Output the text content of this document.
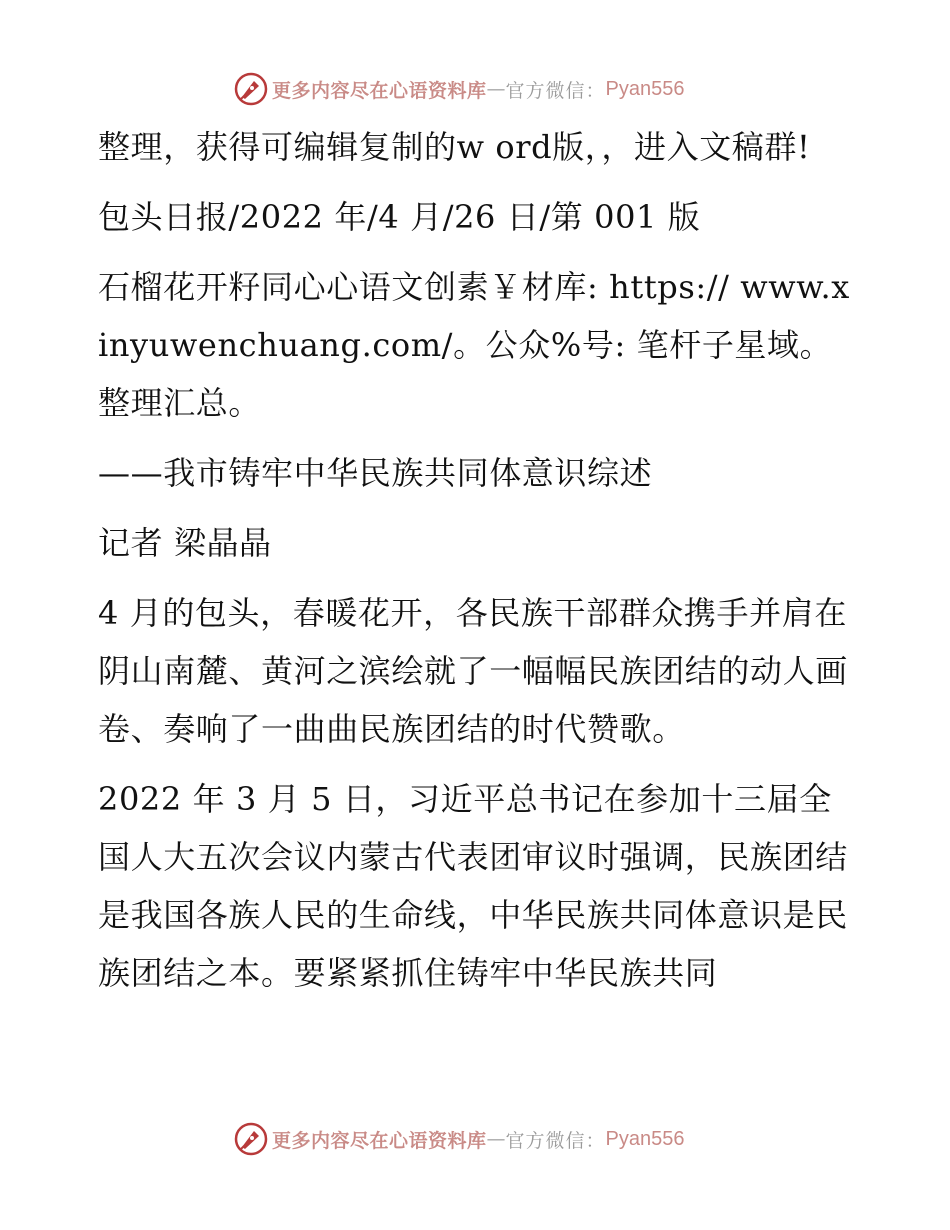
更多内容尽在心语资料库 — 官方微信： Pyan556

整理，获得可编辑复制的w ord版，，进入文稿群!

包头日报/2022 年/4 月/26 日/第 001 版

石榴花开籽同心心语文创素￥材库: https:// www.xinyuwenchuang.com/。公众%号: 笔杆子星域。整理汇总。

——我市铸牢中华民族共同体意识综述

记者 梁晶晶

4 月的包头，春暖花开，各民族干部群众携手并肩在阴山南麓、黄河之滨绘就了一幅幅民族团结的动人画卷、奏响了一曲曲民族团结的时代赞歌。

2022 年 3 月 5 日，习近平总书记在参加十三届全国人大五次会议内蒙古代表团审议时强调，民族团结是我国各族人民的生命线，中华民族共同体意识是民族团结之本。要紧紧抓住铸牢中华民族共同

更多内容尽在心语资料库 — 官方微信： Pyan556
